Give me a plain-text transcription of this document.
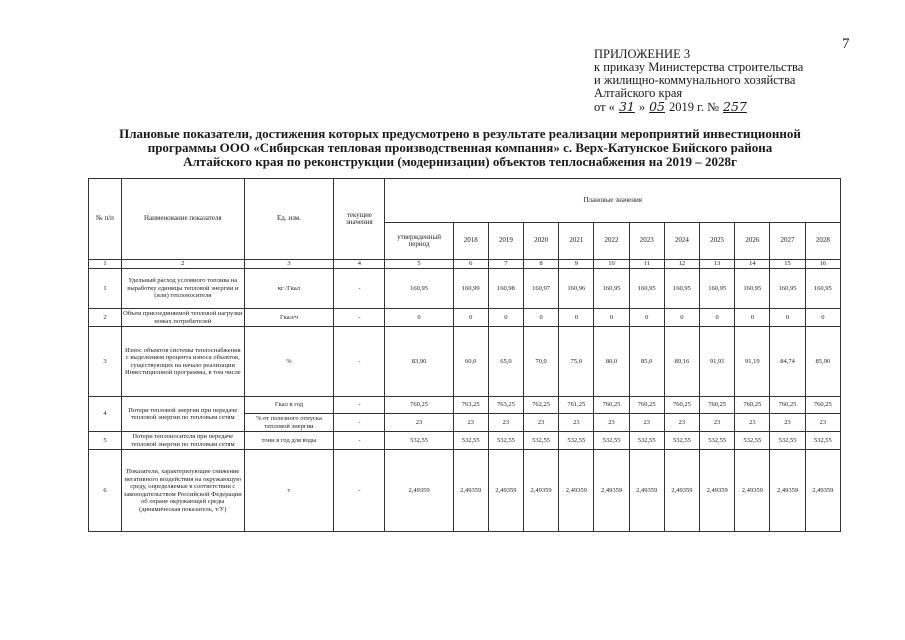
7
ПРИЛОЖЕНИЕ 3
к приказу Министерства строительства
и жилищно-коммунального хозяйства
Алтайского края
от « 31 » 05 2019 г. № 257
Плановые показатели, достижения которых предусмотрено в результате реализации мероприятий инвестиционной
программы ООО «Сибирская тепловая производственная компания» с. Верх-Катунское Бийского района
Алтайского края по реконструкции (модернизации) объектов теплоснабжения на 2019 – 2028г
№ п/п	Наименование показателя	Ед. изм.	текущие значения	Плановые значения											
				утвержденный период	2018	2019	2020	2021	2022	2023	2024	2025	2026	2027	2028
1	2	3	4	5	6	7	8	9	10	11	12	13	14	15	16
1	Удельный расход условного топлива на выработку единицы тепловой энергии и (или) теплоносителя	кг /Гкал	-	160,95	160,99	160,98	160,97	160,96	160,95	160,95	160,95	160,95	160,95	160,95	160,95
2	Объем присоединяемой тепловой нагрузки новых потребителей	Гкал/ч	-	0	0	0	0	0	0	0	0	0	0	0	0
3	Износ объектов системы теплоснабжения с выделением процента износа объектов, существующих на начало реализации Инвестиционной программы, в том числе	%	-	83,90	60,0	65,0	70,0	75,0	80,0	85,0	89,16	91,91	91,19	84,74	85,90
4	Потери тепловой энергии при передаче тепловой энергии по тепловым сетям	Гкал в год	-	760,25	763,25	763,25	762,25	761,25	760,25	760,25	760,25	760,25	760,25	760,25	760,25
		% от полезного отпуска тепловой энергии	-	23	23	23	23	23	23	23	23	23	23	23	23
5	Потери теплоносителя при передаче тепловой энергии по тепловым сетям	тонн в год для воды	-	532,55	532,55	532,55	532,55	532,55	532,55	532,55	532,55	532,55	532,55	532,55	532,55
6	Показатели, характеризующие снижение негативного воздействия на окружающую среду, определяемые в соответствии с законодательством Российской Федерации об охране окружающей среды (динамическая показатель, т/У)	т	-	2,49359	2,49359	2,49359	2,49359	2,49359	2,49359	2,49359	2,49359	2,49359	2,49359	2,49359	2,49359
